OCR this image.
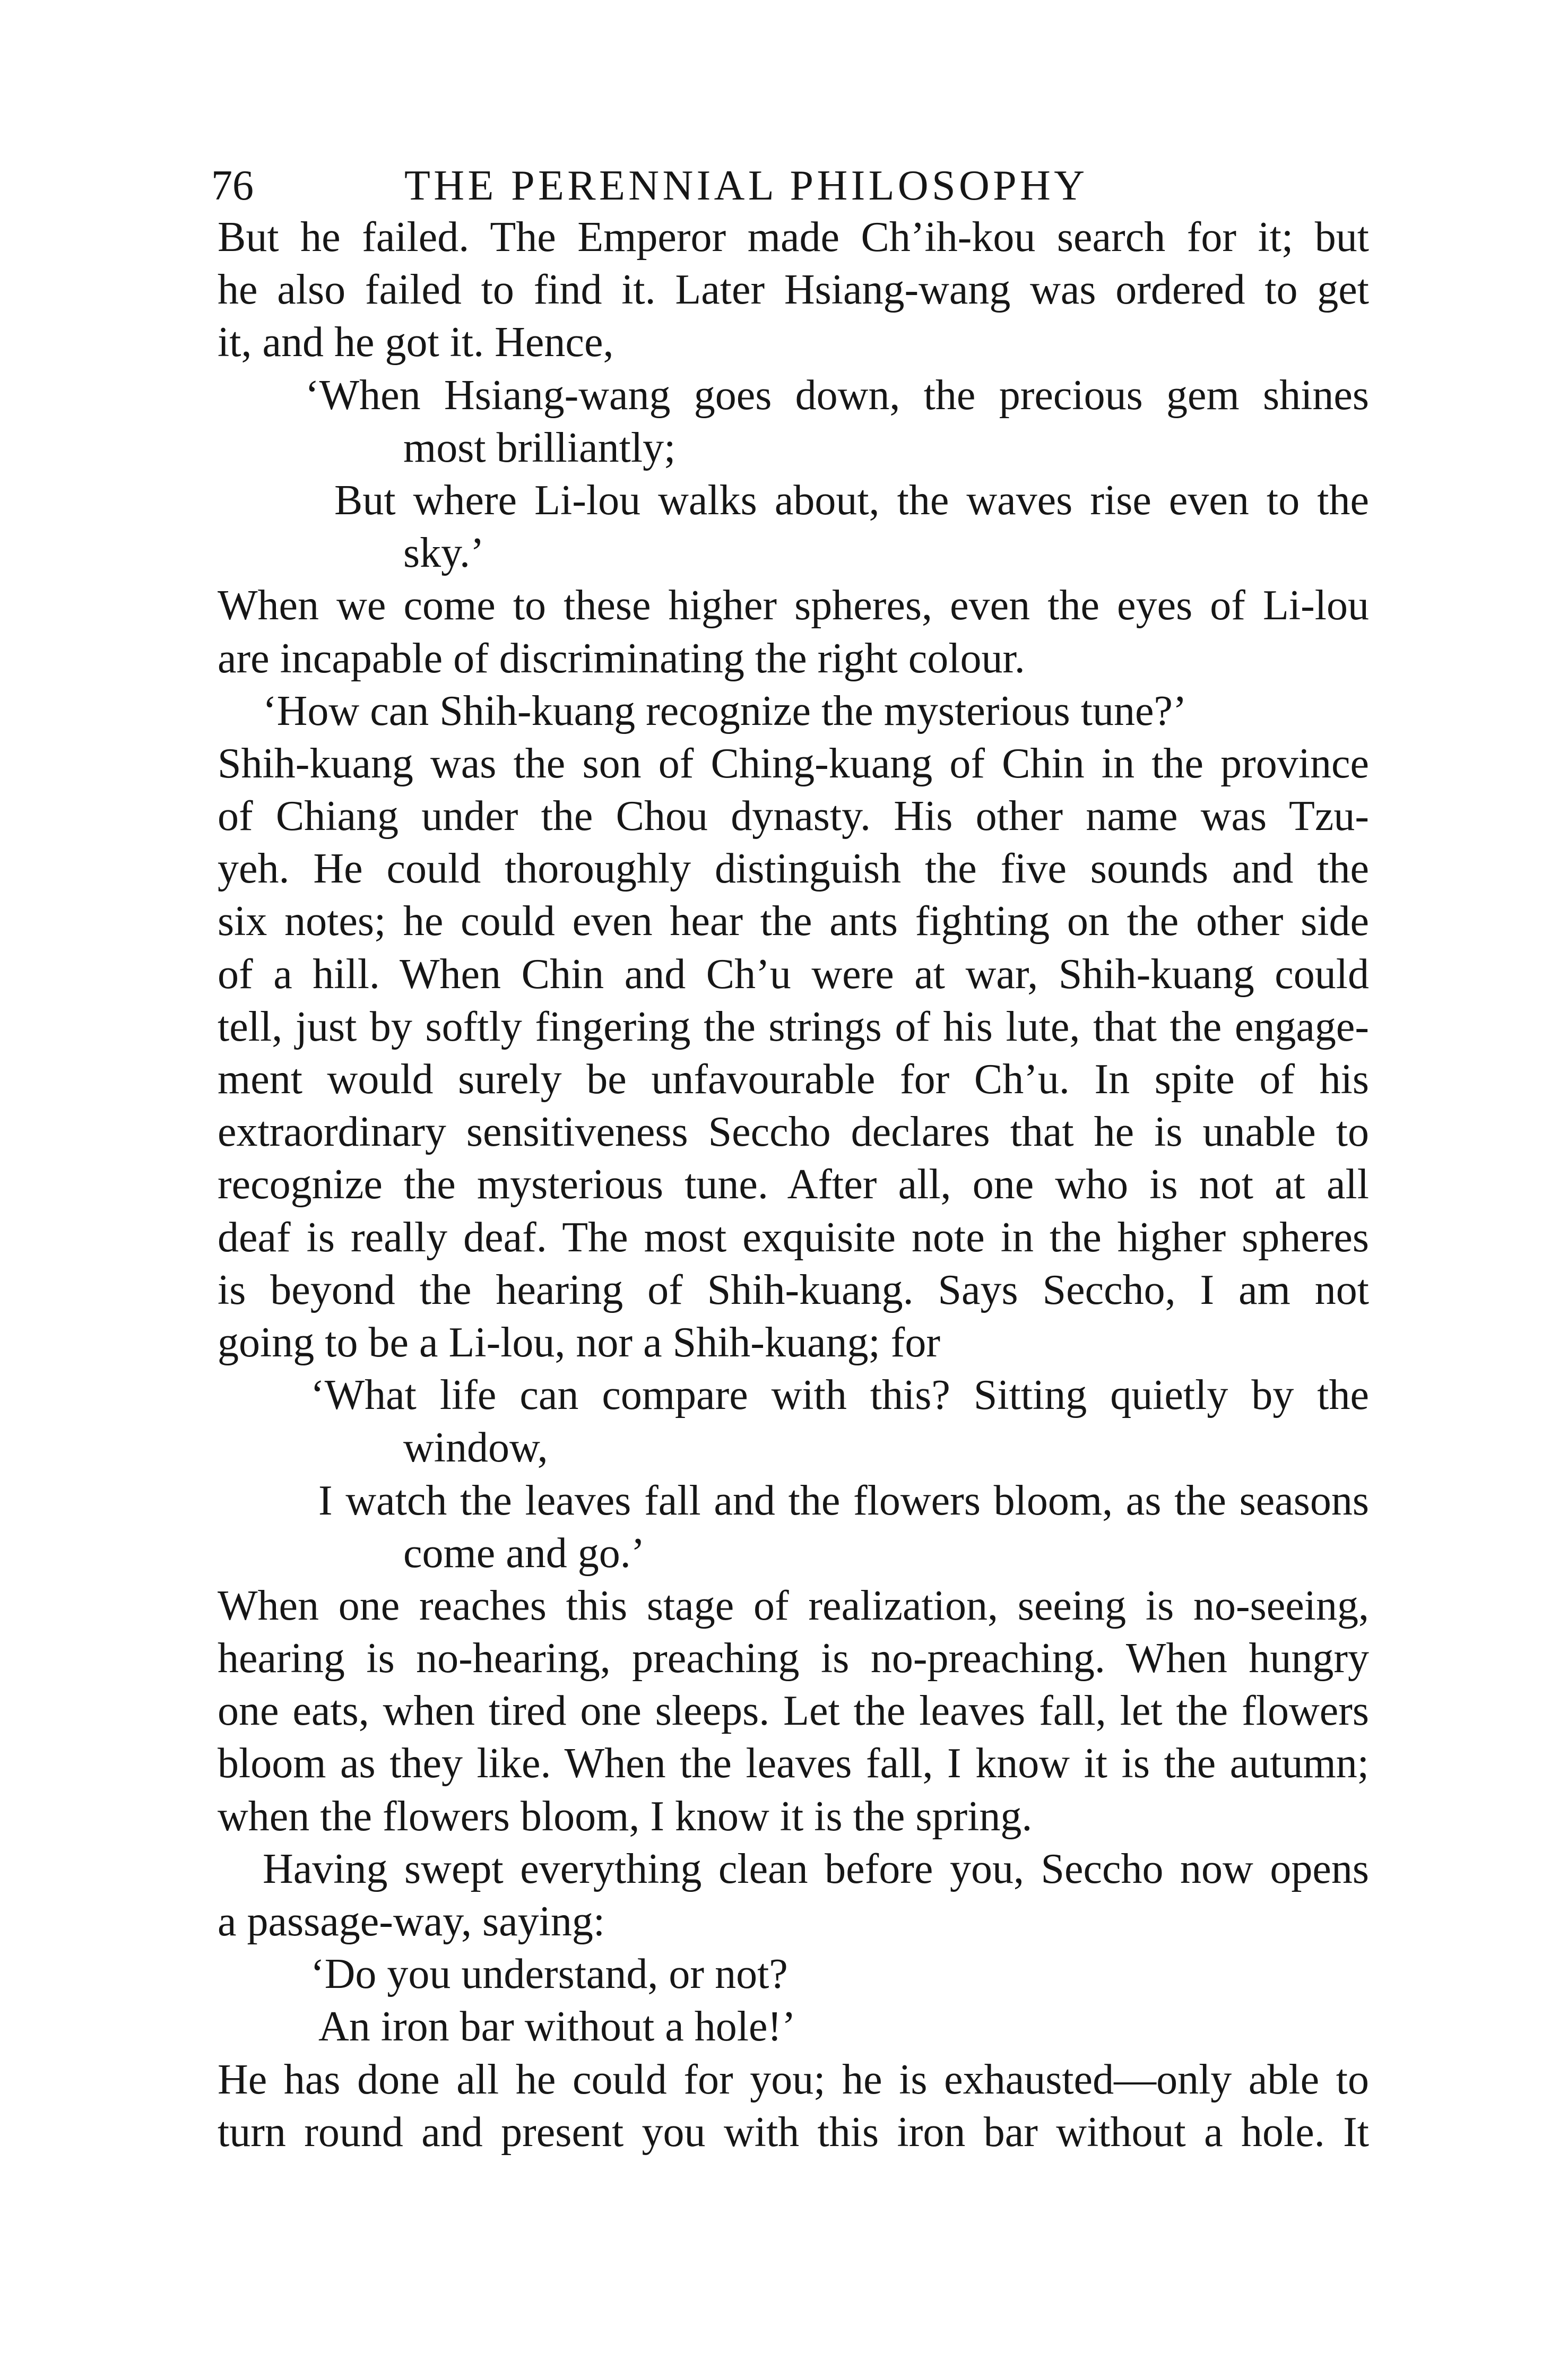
76	THE PERENNIAL PHILOSOPHY
But he failed. The Emperor made Ch’ih-kou search for it; but
he also failed to find it. Later Hsiang-wang was ordered to get
it, and he got it. Hence,
‘When Hsiang-wang goes down, the precious gem shines
most brilliantly;
But where Li-lou walks about, the waves rise even to the
sky.’
When we come to these higher spheres, even the eyes of Li-lou
are incapable of discriminating the right colour.
‘How can Shih-kuang recognize the mysterious tune?’
Shih-kuang was the son of Ching-kuang of Chin in the province
of Chiang under the Chou dynasty. His other name was Tzu-
yeh. He could thoroughly distinguish the five sounds and the
six notes; he could even hear the ants fighting on the other side
of a hill. When Chin and Ch’u were at war, Shih-kuang could
tell, just by softly fingering the strings of his lute, that the engage-
ment would surely be unfavourable for Ch’u. In spite of his
extraordinary sensitiveness Seccho declares that he is unable to
recognize the mysterious tune. After all, one who is not at all
deaf is really deaf. The most exquisite note in the higher spheres
is beyond the hearing of Shih-kuang. Says Seccho, I am not
going to be a Li-lou, nor a Shih-kuang; for
‘What life can compare with this? Sitting quietly by the
window,
I watch the leaves fall and the flowers bloom, as the seasons
come and go.’
When one reaches this stage of realization, seeing is no-seeing,
hearing is no-hearing, preaching is no-preaching. When hungry
one eats, when tired one sleeps. Let the leaves fall, let the flowers
bloom as they like. When the leaves fall, I know it is the autumn;
when the flowers bloom, I know it is the spring.
Having swept everything clean before you, Seccho now opens
a passage-way, saying:
‘Do you understand, or not?
An iron bar without a hole!’
He has done all he could for you; he is exhausted—only able to
turn round and present you with this iron bar without a hole. It
